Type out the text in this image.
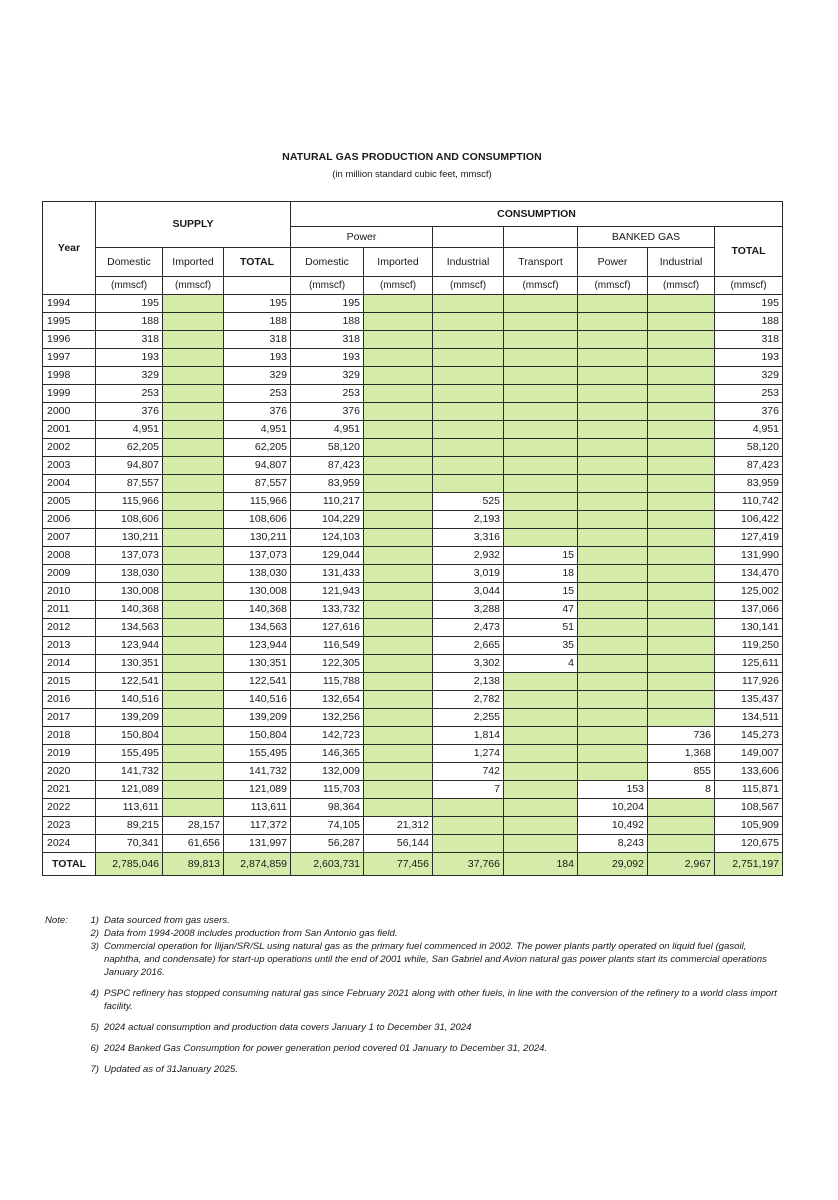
NATURAL GAS PRODUCTION AND CONSUMPTION
(in million standard cubic feet, mmscf)
Year	SUPPLY			CONSUMPTION						
				Power				BANKED GAS		TOTAL
	Domestic	Imported	TOTAL	Domestic	Imported	Industrial	Transport	Power	Industrial	
	(mmscf)	(mmscf)		(mmscf)	(mmscf)	(mmscf)	(mmscf)	(mmscf)	(mmscf)	(mmscf)
1994	195		195	195						195
1995	188		188	188						188
1996	318		318	318						318
1997	193		193	193						193
1998	329		329	329						329
1999	253		253	253						253
2000	376		376	376						376
2001	4,951		4,951	4,951						4,951
2002	62,205		62,205	58,120						58,120
2003	94,807		94,807	87,423						87,423
2004	87,557		87,557	83,959						83,959
2005	115,966		115,966	110,217		525				110,742
2006	108,606		108,606	104,229		2,193				106,422
2007	130,211		130,211	124,103		3,316				127,419
2008	137,073		137,073	129,044		2,932	15			131,990
2009	138,030		138,030	131,433		3,019	18			134,470
2010	130,008		130,008	121,943		3,044	15			125,002
2011	140,368		140,368	133,732		3,288	47			137,066
2012	134,563		134,563	127,616		2,473	51			130,141
2013	123,944		123,944	116,549		2,665	35			119,250
2014	130,351		130,351	122,305		3,302	4			125,611
2015	122,541		122,541	115,788		2,138				117,926
2016	140,516		140,516	132,654		2,782				135,437
2017	139,209		139,209	132,256		2,255				134,511
2018	150,804		150,804	142,723		1,814			736	145,273
2019	155,495		155,495	146,365		1,274			1,368	149,007
2020	141,732		141,732	132,009		742			855	133,606
2021	121,089		121,089	115,703		7		153	8	115,871
2022	113,611		113,611	98,364				10,204		108,567
2023	89,215	28,157	117,372	74,105	21,312			10,492		105,909
2024	70,341	61,656	131,997	56,287	56,144			8,243		120,675
TOTAL	2,785,046	89,813	2,874,859	2,603,731	77,456	37,766	184	29,092	2,967	2,751,197
Note:	1) Data sourced from gas users.
2) Data from 1994-2008 includes production from San Antonio gas field.
3) Commercial operation for Ilijan/SR/SL using natural gas as the primary fuel commenced in 2002. The power plants partly operated on liquid fuel (gasoil, naphtha, and condensate) for start-up operations until the end of 2001 while, San Gabriel and Avion natural gas power plants start its commercial operations January 2016.
4) PSPC refinery has stopped consuming natural gas since February 2021 along with other fuels, in line with the conversion of the refinery to a world class import facility.
5) 2024 actual consumption and production data covers January 1 to December 31, 2024
6) 2024 Banked Gas Consumption for power generation period covered 01 January to December 31, 2024.
7) Updated as of 31January 2025.
